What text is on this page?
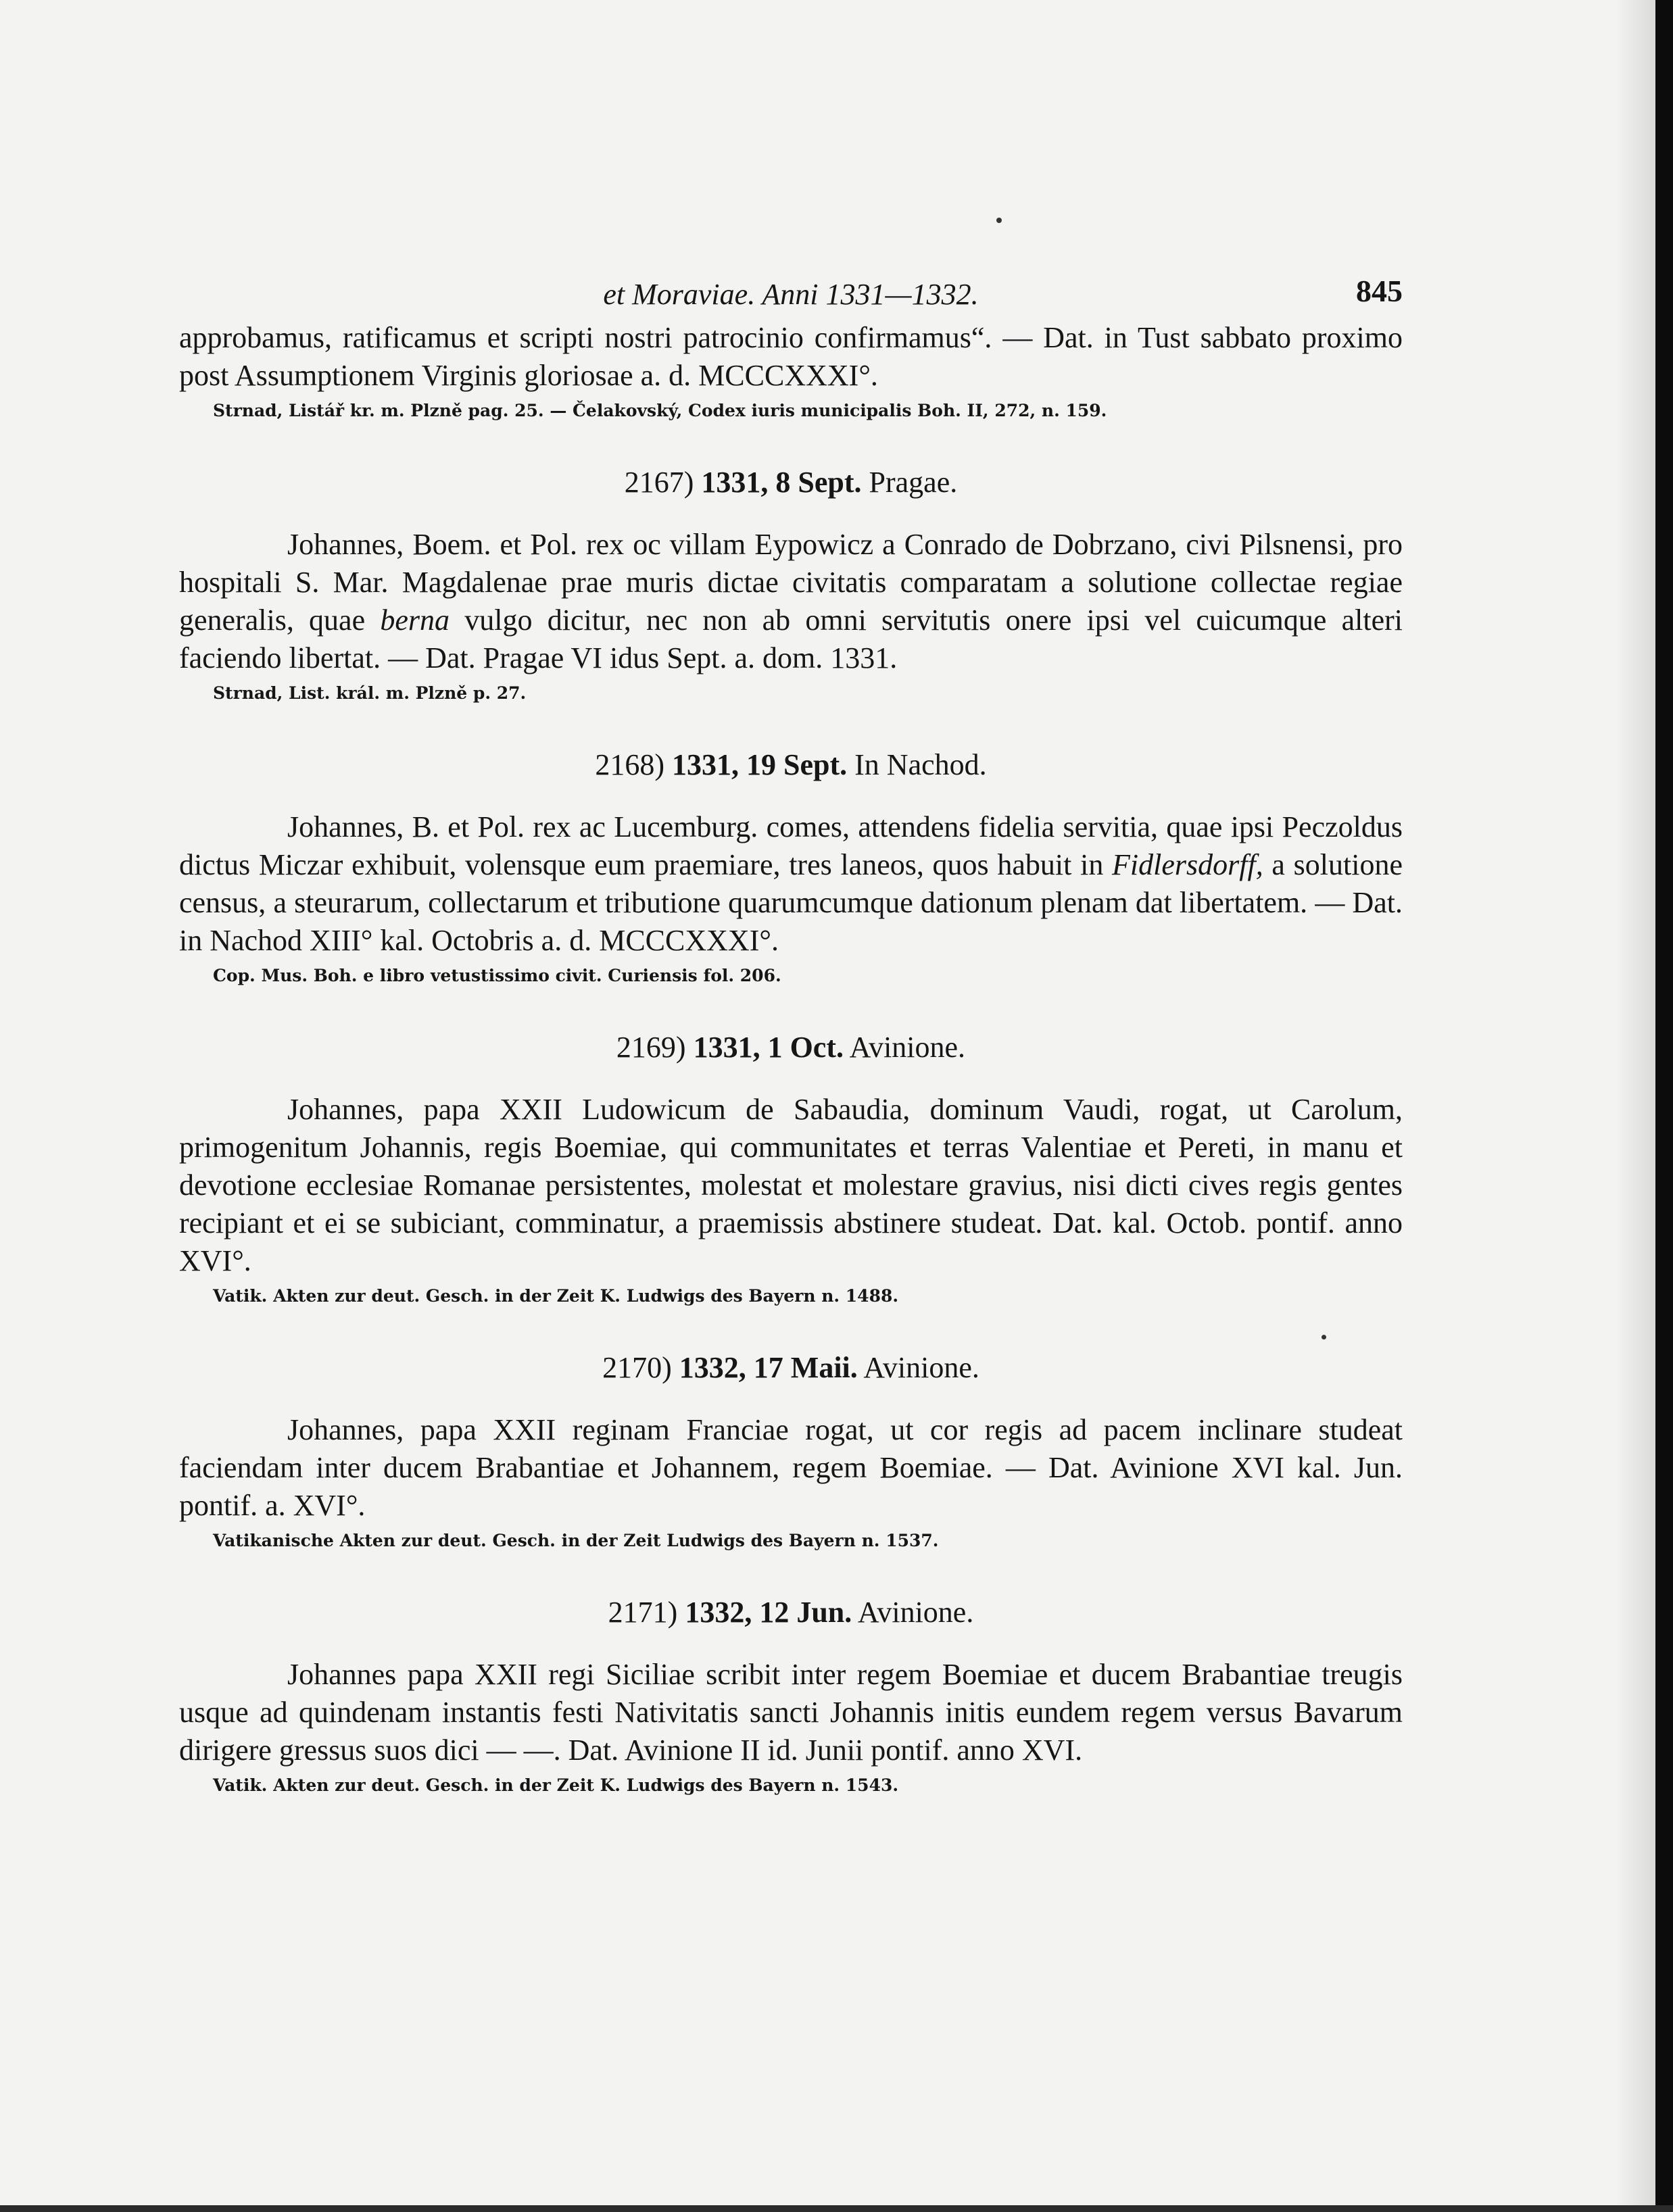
et Moraviae. Anni 1331—1332.	845

approbamus, ratificamus et scripti nostri patrocinio confirmamus“. — Dat. in Tust sabbato proximo post Assumptionem Virginis gloriosae a. d. MCCCXXXI°.

Strnad, Listář kr. m. Plzně pag. 25. — Čelakovský, Codex iuris municipalis Boh. II, 272, n. 159.

2167) 1331, 8 Sept. Pragae.

Johannes, Boem. et Pol. rex oc villam Eypowicz a Conrado de Dobrzano, civi Pilsnensi, pro hospitali S. Mar. Magdalenae prae muris dictae civitatis comparatam a solutione collectae regiae generalis, quae berna vulgo dicitur, nec non ab omni servitutis onere ipsi vel cuicumque alteri faciendo libertat. — Dat. Pragae VI idus Sept. a. dom. 1331.

Strnad, List. král. m. Plzně p. 27.

2168) 1331, 19 Sept. In Nachod.

Johannes, B. et Pol. rex ac Lucemburg. comes, attendens fidelia servitia, quae ipsi Peczoldus dictus Miczar exhibuit, volensque eum praemiare, tres laneos, quos habuit in Fidlersdorff, a solutione census, a steurarum, collectarum et tributione quarumcumque dationum plenam dat libertatem. — Dat. in Nachod XIII° kal. Octobris a. d. MCCCXXXI°.

Cop. Mus. Boh. e libro vetustissimo civit. Curiensis fol. 206.

2169) 1331, 1 Oct. Avinione.

Johannes, papa XXII Ludowicum de Sabaudia, dominum Vaudi, rogat, ut Carolum, primogenitum Johannis, regis Boemiae, qui communitates et terras Valentiae et Pereti, in manu et devotione ecclesiae Romanae persistentes, molestat et molestare gravius, nisi dicti cives regis gentes recipiant et ei se subiciant, comminatur, a praemissis abstinere studeat. Dat. kal. Octob. pontif. anno XVI°.

Vatik. Akten zur deut. Gesch. in der Zeit K. Ludwigs des Bayern n. 1488.

2170) 1332, 17 Maii. Avinione.

Johannes, papa XXII reginam Franciae rogat, ut cor regis ad pacem inclinare studeat faciendam inter ducem Brabantiae et Johannem, regem Boemiae. — Dat. Avinione XVI kal. Jun. pontif. a. XVI°.

Vatikanische Akten zur deut. Gesch. in der Zeit Ludwigs des Bayern n. 1537.

2171) 1332, 12 Jun. Avinione.

Johannes papa XXII regi Siciliae scribit inter regem Boemiae et ducem Brabantiae treugis usque ad quindenam instantis festi Nativitatis sancti Johannis initis eundem regem versus Bavarum dirigere gressus suos dici — —. Dat. Avinione II id. Junii pontif. anno XVI.

Vatik. Akten zur deut. Gesch. in der Zeit K. Ludwigs des Bayern n. 1543.
